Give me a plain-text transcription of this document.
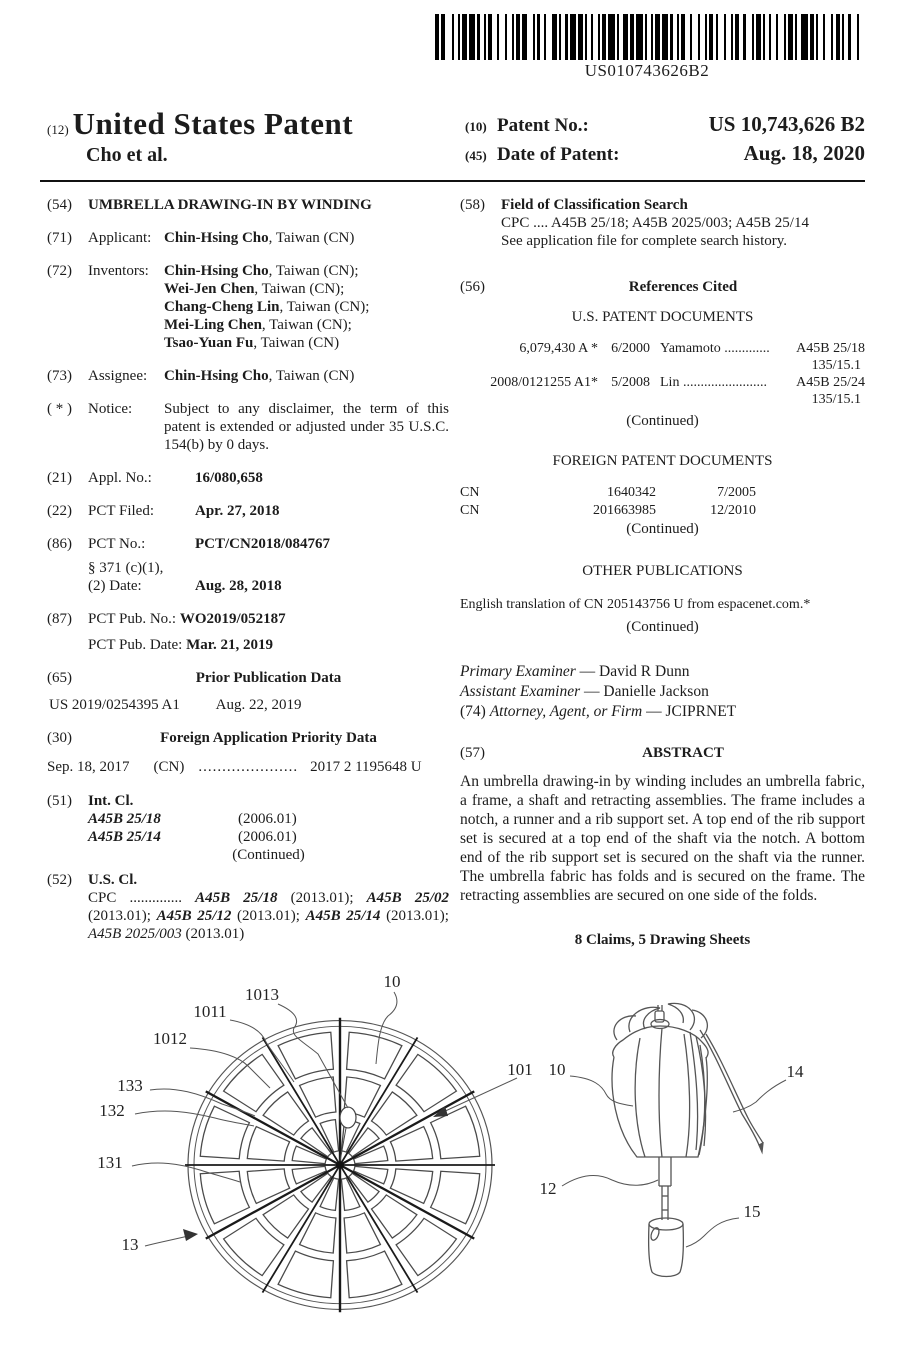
US010743626B2
(12) United States Patent
Cho et al.
(10) Patent No.:	US 10,743,626 B2
(45) Date of Patent:	Aug. 18, 2020
(54)	UMBRELLA DRAWING-IN BY WINDING
(71)	Applicant: Chin-Hsing Cho, Taiwan (CN)
(72)	Inventors:	Chin-Hsing Cho, Taiwan (CN);
Wei-Jen Chen, Taiwan (CN);
Chang-Cheng Lin, Taiwan (CN);
Mei-Ling Chen, Taiwan (CN);
Tsao-Yuan Fu, Taiwan (CN)
(73)	Assignee: Chin-Hsing Cho, Taiwan (CN)
( * )	Notice:	Subject to any disclaimer, the term of this patent is extended or adjusted under 35 U.S.C. 154(b) by 0 days.
(21)	Appl. No.:	16/080,658
(22)	PCT Filed:	Apr. 27, 2018
(86)	PCT No.:	PCT/CN2018/084767
§ 371 (c)(1),
(2) Date:	Aug. 28, 2018
(87)	PCT Pub. No.: WO2019/052187
PCT Pub. Date: Mar. 21, 2019
(65)	Prior Publication Data
US 2019/0254395 A1 Aug. 22, 2019
(30)	Foreign Application Priority Data
Sep. 18, 2017 (CN) ..................... 2017 2 1195648 U
(51)	Int. Cl.
A45B 25/18	(2006.01)
A45B 25/14	(2006.01)
(Continued)
(52)	U.S. Cl.
CPC .............. A45B 25/18 (2013.01); A45B 25/02 (2013.01); A45B 25/12 (2013.01); A45B 25/14 (2013.01); A45B 2025/003 (2013.01)
(58)	Field of Classification Search
CPC .... A45B 25/18; A45B 2025/003; A45B 25/14
See application file for complete search history.
(56)	References Cited
U.S. PATENT DOCUMENTS
6,079,430 A * 6/2000 Yamamoto ............. A45B 25/18
135/15.1
2008/0121255 A1* 5/2008 Lin ........................ A45B 25/24
135/15.1
(Continued)
FOREIGN PATENT DOCUMENTS
CN	1640342	7/2005
CN	201663985	12/2010
(Continued)
OTHER PUBLICATIONS
English translation of CN 205143756 U from espacenet.com.*
(Continued)
Primary Examiner — David R Dunn
Assistant Examiner — Danielle Jackson
(74) Attorney, Agent, or Firm — JCIPRNET
(57)	ABSTRACT
An umbrella drawing-in by winding includes an umbrella fabric, a frame, a shaft and retracting assemblies. The frame includes a notch, a runner and a rib support set. A top end of the rib support set is secured at a top end of the shaft via the notch. A bottom end of the rib support set is secured on the shaft via the runner. The umbrella fabric has folds and is secured on the frame. The retracting assemblies are secured on one side of the folds.
8 Claims, 5 Drawing Sheets
1013
10
1011
1012
133
132
131
13
101 10	14
12
15
